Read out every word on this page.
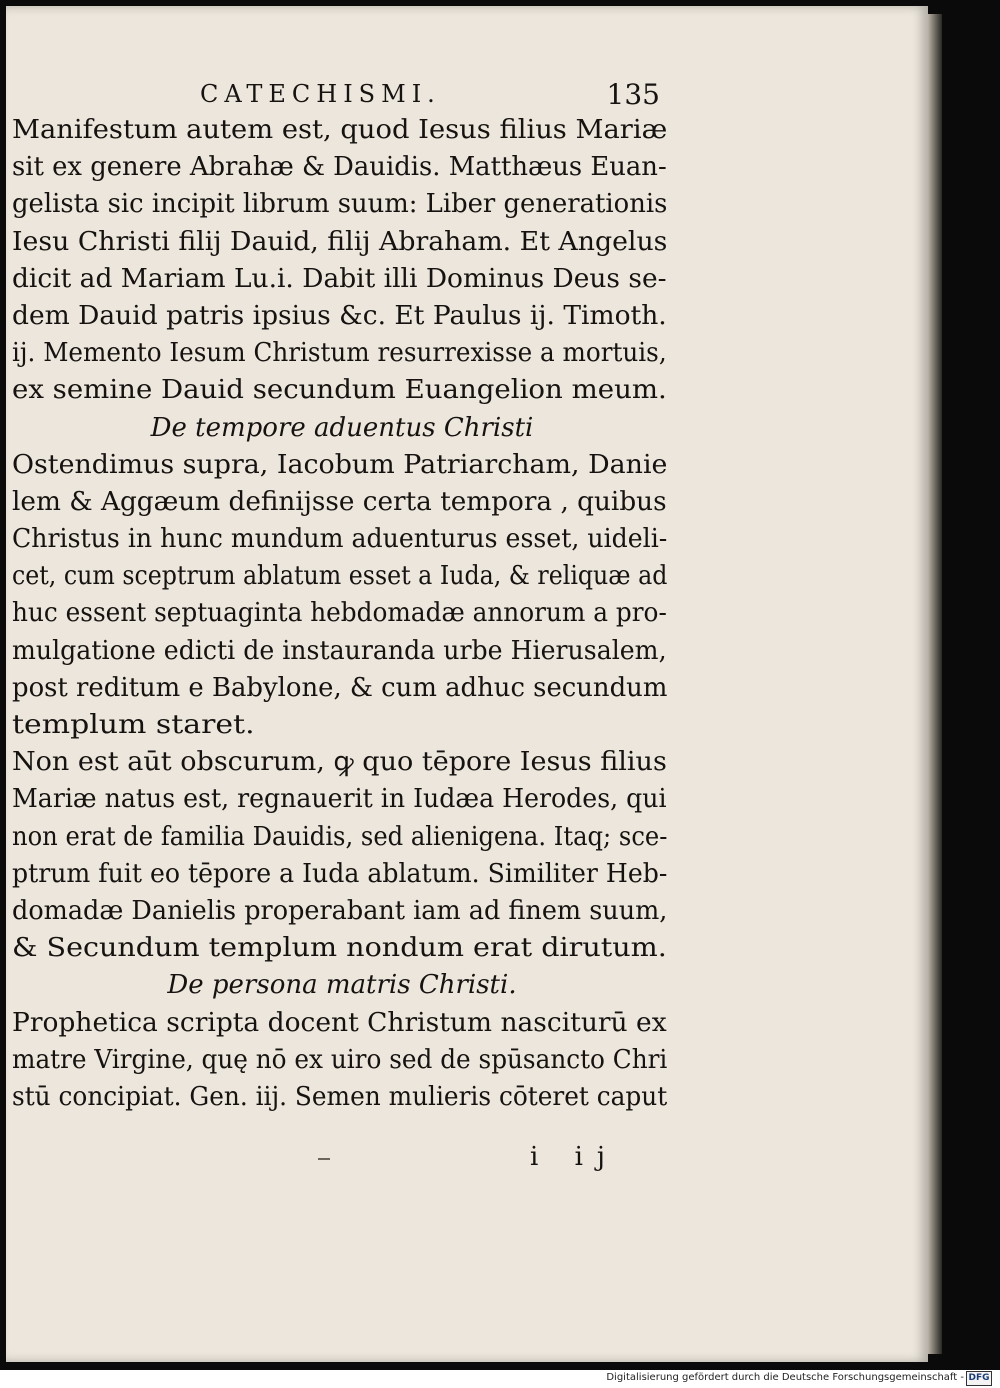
CATECHISMI.	135
Manifestum autem est, quod Iesus filius Mariæ
sit ex genere Abrahæ & Dauidis. Matthæus Euan-
gelista sic incipit librum suum: Liber generationis
Iesu Christi filij Dauid, filij Abraham. Et Angelus
dicit ad Mariam Lu.i. Dabit illi Dominus Deus se-
dem Dauid patris ipsius &c. Et Paulus ij. Timoth.
ij. Memento Iesum Christum resurrexisse a mortuis,
ex semine Dauid secundum Euangelion meum.
De tempore aduentus Christi
Ostendimus supra, Iacobum Patriarcham, Danie
lem & Aggæum definijsse certa tempora , quibus
Christus in hunc mundum aduenturus esset, uideli-
cet, cum sceptrum ablatum esset a Iuda, & reliquæ ad
huc essent septuaginta hebdomadæ annorum a pro-
mulgatione edicti de instauranda urbe Hierusalem,
post reditum e Babylone, & cum adhuc secundum
templum staret.
Non est aūt obscurum, ꝙ quo tēpore Iesus filius
Mariæ natus est, regnauerit in Iudæa Herodes, qui
non erat de familia Dauidis, sed alienigena. Itaq; sce-
ptrum fuit eo tēpore a Iuda ablatum. Similiter Heb-
domadæ Danielis properabant iam ad finem suum,
& Secundum templum nondum erat dirutum.
De persona matris Christi.
Prophetica scripta docent Christum nasciturū ex
matre Virgine, quę nō ex uiro sed de spūsancto Chri
stū concipiat. Gen. iij. Semen mulieris cōteret caput
i ij
Digitalisierung gefördert durch die Deutsche Forschungsgemeinschaft - DFG
